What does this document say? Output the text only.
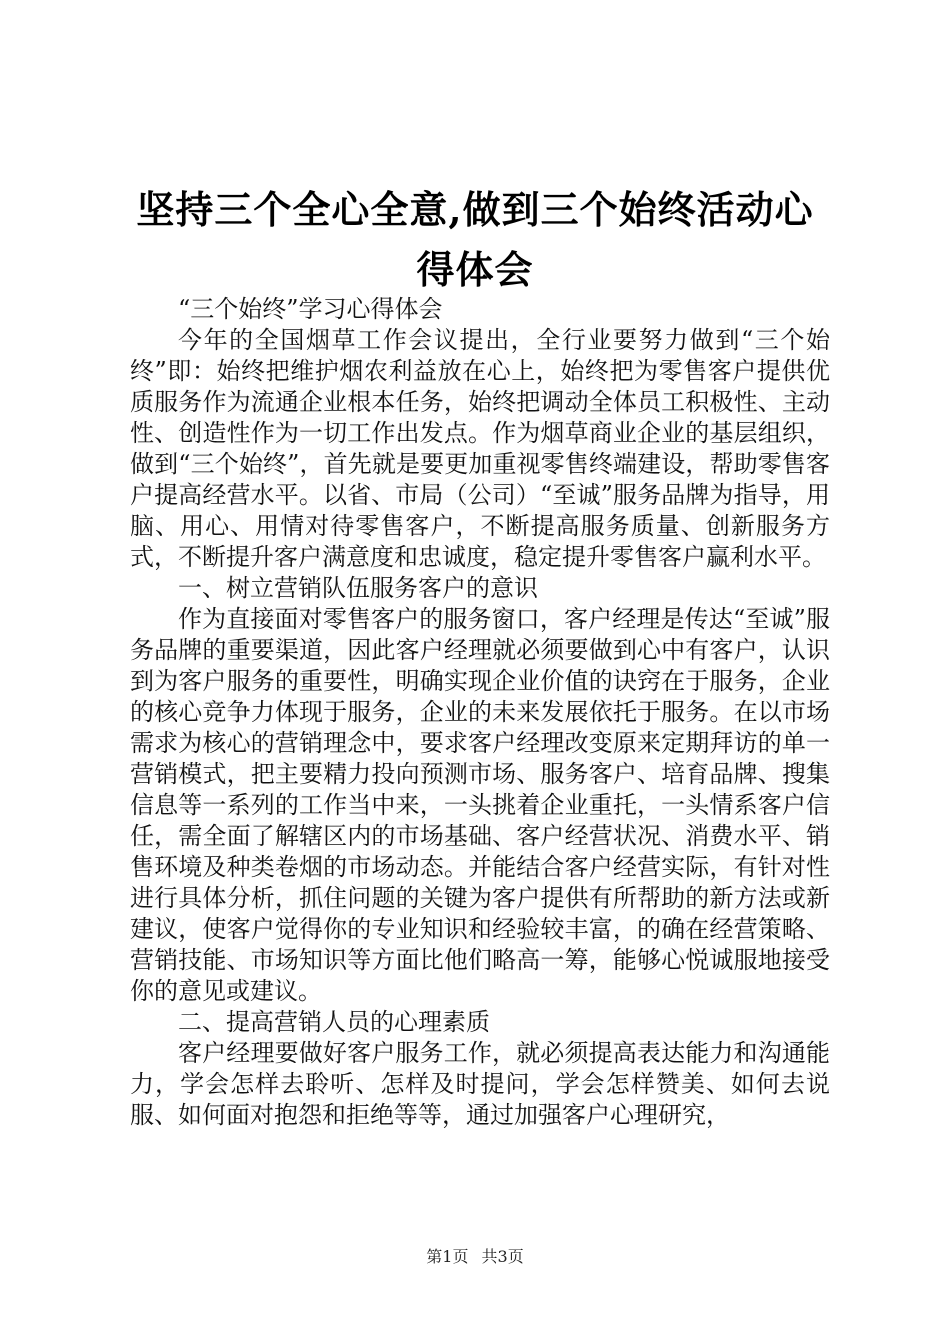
坚持三个全心全意,做到三个始终活动心得体会

“三个始终”学习心得体会

今年的全国烟草工作会议提出，全行业要努力做到“三个始终”即：始终把维护烟农利益放在心上，始终把为零售客户提供优质服务作为流通企业根本任务，始终把调动全体员工积极性、主动性、创造性作为一切工作出发点。作为烟草商业企业的基层组织，做到“三个始终”，首先就是要更加重视零售终端建设，帮助零售客户提高经营水平。以省、市局（公司）“至诚”服务品牌为指导，用脑、用心、用情对待零售客户，不断提高服务质量、创新服务方式，不断提升客户满意度和忠诚度，稳定提升零售客户赢利水平。

一、树立营销队伍服务客户的意识

作为直接面对零售客户的服务窗口，客户经理是传达“至诚”服务品牌的重要渠道，因此客户经理就必须要做到心中有客户，认识到为客户服务的重要性，明确实现企业价值的诀窍在于服务，企业的核心竞争力体现于服务，企业的未来发展依托于服务。在以市场需求为核心的营销理念中，要求客户经理改变原来定期拜访的单一营销模式，把主要精力投向预测市场、服务客户、培育品牌、搜集信息等一系列的工作当中来，一头挑着企业重托，一头情系客户信任，需全面了解辖区内的市场基础、客户经营状况、消费水平、销售环境及种类卷烟的市场动态。并能结合客户经营实际，有针对性进行具体分析，抓住问题的关键为客户提供有所帮助的新方法或新建议，使客户觉得你的专业知识和经验较丰富，的确在经营策略、营销技能、市场知识等方面比他们略高一筹，能够心悦诚服地接受你的意见或建议。

二、提高营销人员的心理素质

客户经理要做好客户服务工作，就必须提高表达能力和沟通能力，学会怎样去聆听、怎样及时提问，学会怎样赞美、如何去说服、如何面对抱怨和拒绝等等，通过加强客户心理研究，

第1页 共3页
